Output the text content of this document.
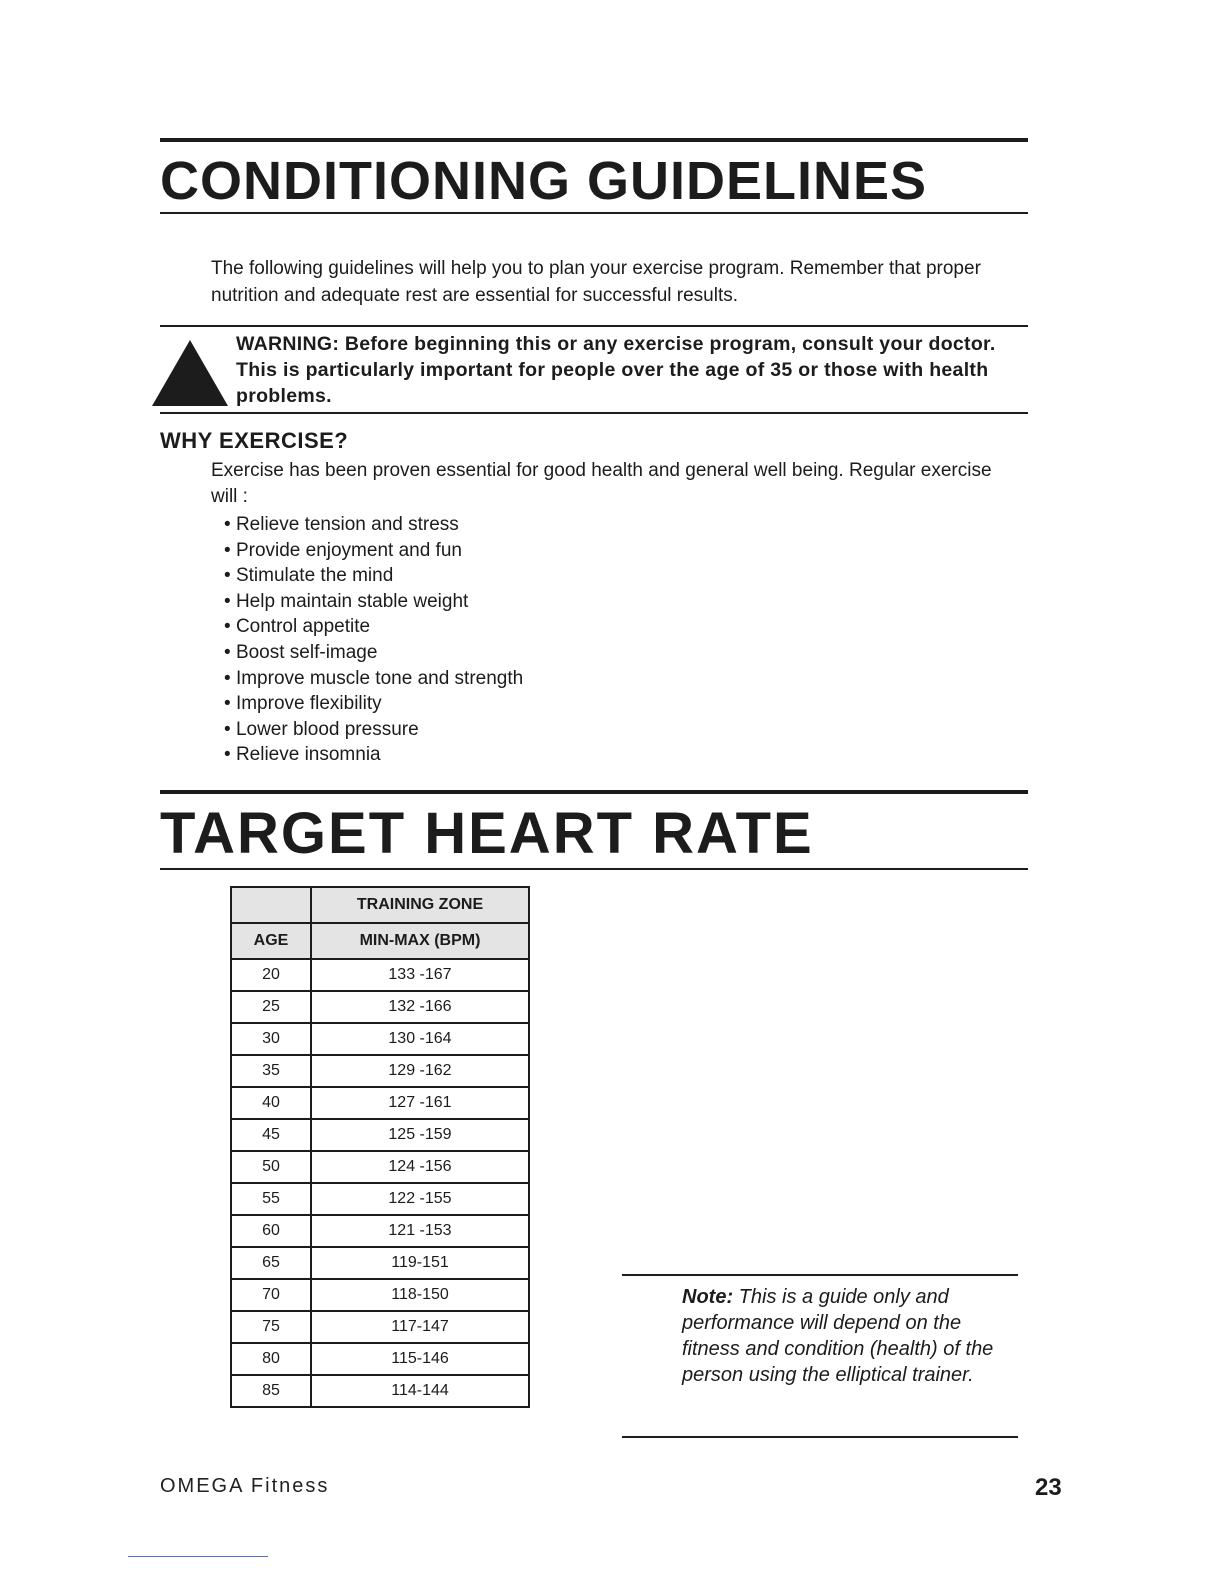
CONDITIONING GUIDELINES

The following guidelines will help you to plan your exercise program. Remember that proper nutrition and adequate rest are essential for successful results.

WARNING: Before beginning this or any exercise program, consult your doctor. This is particularly important for people over the age of 35 or those with health problems.

WHY EXERCISE?

Exercise has been proven essential for good health and general well being. Regular exercise will :

• Relieve tension and stress
• Provide enjoyment and fun
• Stimulate the mind
• Help maintain stable weight
• Control appetite
• Boost self-image
• Improve muscle tone and strength
• Improve flexibility
• Lower blood pressure
• Relieve insomnia
TARGET HEART RATE
	TRAINING ZONE
AGE	MIN-MAX (BPM)
20	133 -167
25	132 -166
30	130 -164
35	129 -162
40	127 -161
45	125 -159
50	124 -156
55	122 -155
60	121 -153
65	119-151
70	118-150
75	117-147
80	115-146
85	114-144

Note: This is a guide only and performance will depend on the fitness and condition (health) of the person using the elliptical trainer.

OMEGA Fitness	23
